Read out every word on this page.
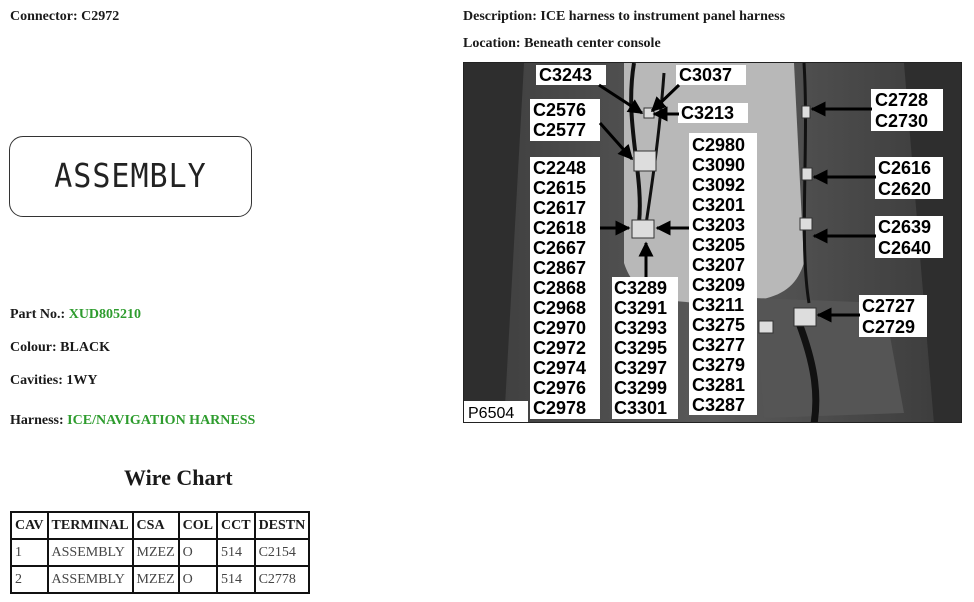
Connector: C2972	Description: ICE harness to instrument panel harness
Location: Beneath center console
ASSEMBLY
Part No.: XUD805210
Colour: BLACK
Cavities: 1WY
Harness: ICE/NAVIGATION HARNESS
Wire Chart
CAV	TERMINAL	CSA	COL	CCT	DESTN
1	ASSEMBLY	MZEZ	O	514	C2154
2	ASSEMBLY	MZEZ	O	514	C2778
C3243	C3037
C3213
C2576
C2577
C2248
C2615
C2617
C2618
C2667
C2867
C2868
C2968
C2970
C2972
C2974
C2976
C2978
C3289
C3291
C3293
C3295
C3297
C3299
C3301
C2980
C3090
C3092
C3201
C3203
C3205
C3207
C3209
C3211
C3275
C3277
C3279
C3281
C3287
C2728
C2730
C2616
C2620
C2639
C2640
C2727
C2729
P6504
